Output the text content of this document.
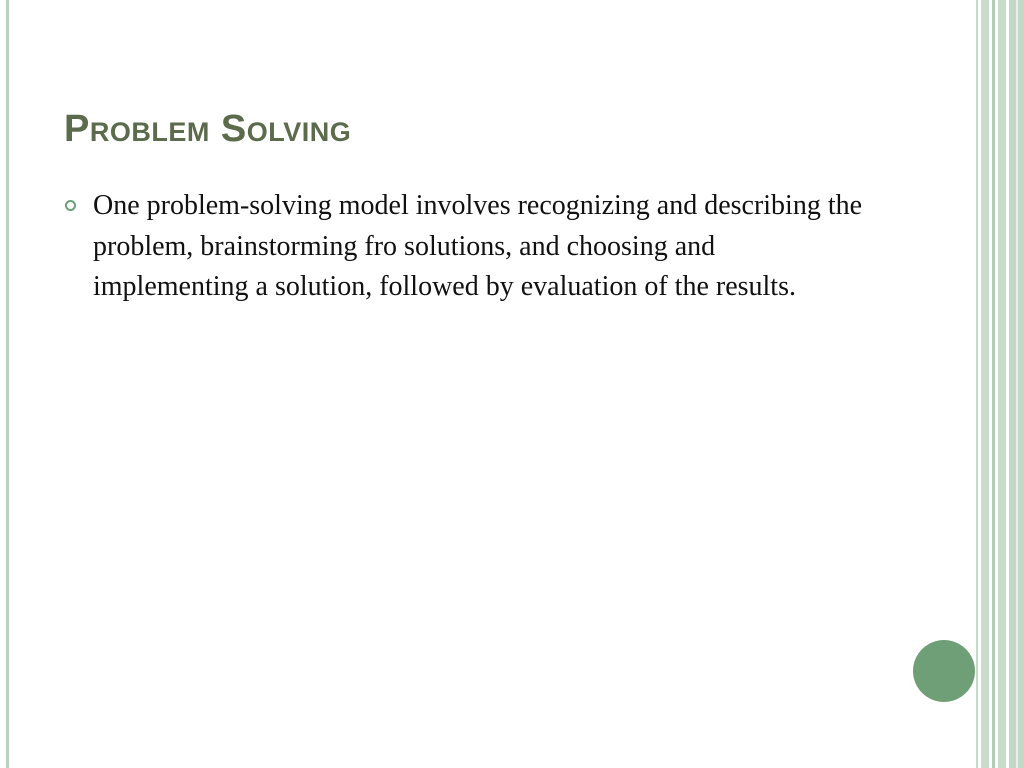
Problem Solving
One problem-solving model involves recognizing and describing the problem, brainstorming fro solutions, and choosing and implementing a solution, followed by evaluation of the results.
